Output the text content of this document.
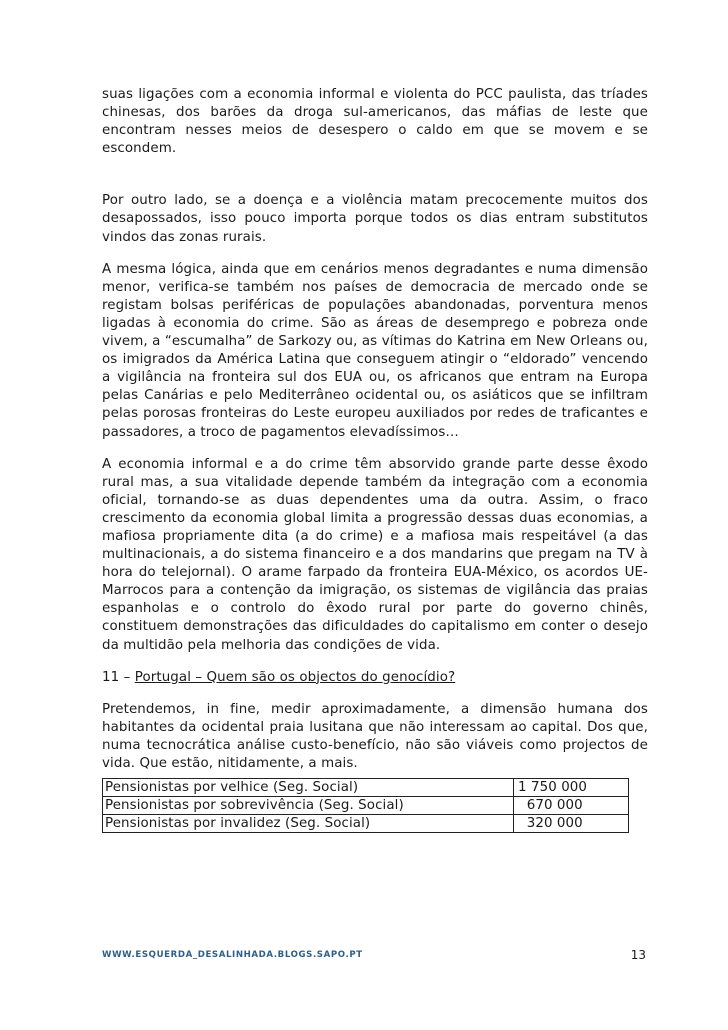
suas ligações com a economia informal e violenta do PCC paulista, das tríades chinesas, dos barões da droga sul-americanos, das máfias de leste que encontram nesses meios de desespero o caldo em que se movem e se escondem.

Por outro lado, se a doença e a violência matam precocemente muitos dos desapossados, isso pouco importa porque todos os dias entram substitutos vindos das zonas rurais.

A mesma lógica, ainda que em cenários menos degradantes e numa dimensão menor, verifica-se também nos países de democracia de mercado onde se registam bolsas periféricas de populações abandonadas, porventura menos ligadas à economia do crime. São as áreas de desemprego e pobreza onde vivem, a “escumalha” de Sarkozy ou, as vítimas do Katrina em New Orleans ou, os imigrados da América Latina que conseguem atingir o “eldorado” vencendo a vigilância na fronteira sul dos EUA ou, os africanos que entram na Europa pelas Canárias e pelo Mediterrâneo ocidental ou, os asiáticos que se infiltram pelas porosas fronteiras do Leste europeu auxiliados por redes de traficantes e passadores, a troco de pagamentos elevadíssimos…

A economia informal e a do crime têm absorvido grande parte desse êxodo rural mas, a sua vitalidade depende também da integração com a economia oficial, tornando-se as duas dependentes uma da outra. Assim, o fraco crescimento da economia global limita a progressão dessas duas economias, a mafiosa propriamente dita (a do crime) e a mafiosa mais respeitável (a das multinacionais, a do sistema financeiro e a dos mandarins que pregam na TV à hora do telejornal). O arame farpado da fronteira EUA-México, os acordos UE-Marrocos para a contenção da imigração, os sistemas de vigilância das praias espanholas e o controlo do êxodo rural por parte do governo chinês, constituem demonstrações das dificuldades do capitalismo em conter o desejo da multidão pela melhoria das condições de vida.

11 – Portugal – Quem são os objectos do genocídio?

Pretendemos, in fine, medir aproximadamente, a dimensão humana dos habitantes da ocidental praia lusitana que não interessam ao capital. Dos que, numa tecnocrática análise custo-benefício, não são viáveis como projectos de vida. Que estão, nitidamente, a mais.

Pensionistas por velhice (Seg. Social)	1 750 000
Pensionistas por sobrevivência (Seg. Social)	670 000
Pensionistas por invalidez (Seg. Social)	320 000
WWW.ESQUERDA_DESALINHADA.BLOGS.SAPO.PT	13
